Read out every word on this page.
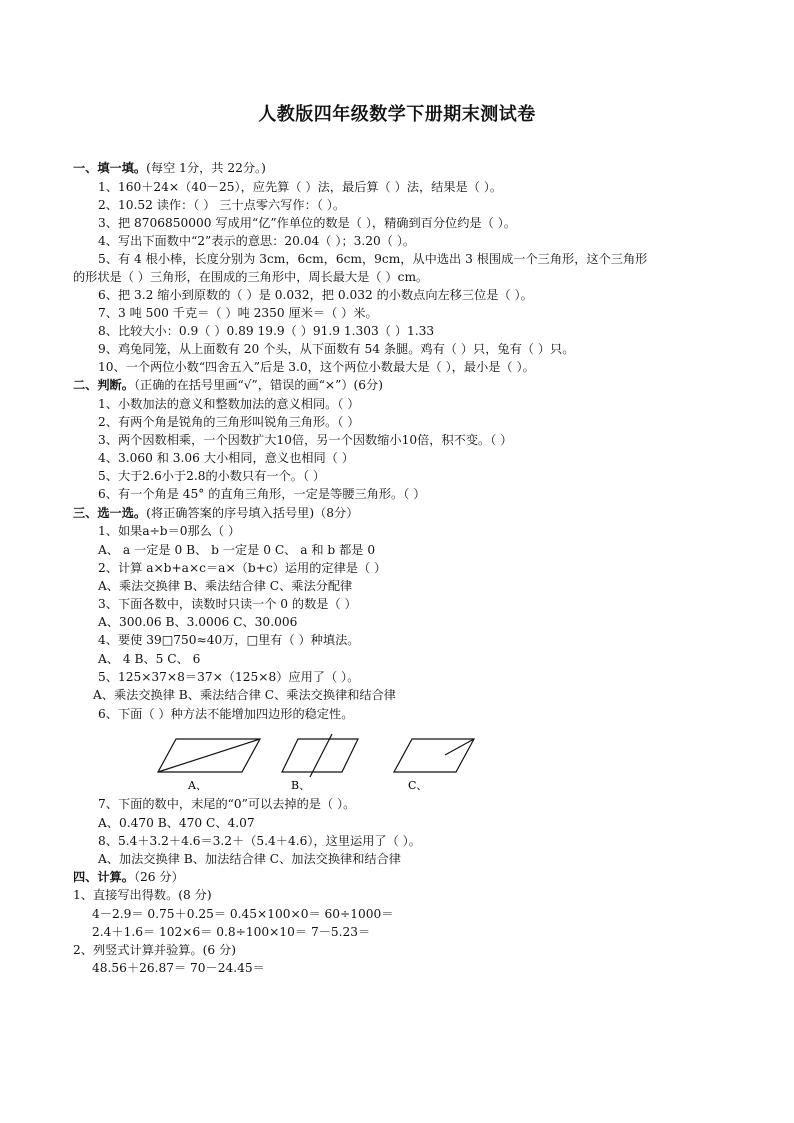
人教版四年级数学下册期末测试卷
一、填一填。(每空 1分，共 22分。)
1、160＋24×（40－25），应先算（ ）法，最后算（ ）法，结果是（ ）。
2、10.52 读作：（ ） 三十点零六写作：（ ）。
3、把 8706850000 写成用“亿”作单位的数是（ ），精确到百分位约是（ ）。
4、写出下面数中“2”表示的意思：20.04（ ）；3.20（ ）。
5、有 4 根小棒，长度分别为 3cm，6cm，6cm，9cm，从中选出 3 根围成一个三角形，这个三角形
的形状是（ ）三角形，在围成的三角形中，周长最大是（ ）cm。
6、把 3.2 缩小到原数的（ ）是 0.032，把 0.032 的小数点向左移三位是（ ）。
7、3 吨 500 千克＝（ ）吨 2350 厘米＝（ ）米。
8、比较大小：0.9（ ）0.89 19.9（ ）91.9 1.303（ ）1.33
9、鸡兔同笼，从上面数有 20 个头，从下面数有 54 条腿。鸡有（ ）只，兔有（ ）只。
10、一个两位小数“四舍五入”后是 3.0，这个两位小数最大是（ ），最小是（ ）。
二、判断。（正确的在括号里画“√”，错误的画“×”）(6分)
1、小数加法的意义和整数加法的意义相同。（ ）
2、有两个角是锐角的三角形叫锐角三角形。（ ）
3、两个因数相乘，一个因数扩大10倍，另一个因数缩小10倍，积不变。（ ）
4、3.060 和 3.06 大小相同，意义也相同（ ）
5、大于2.6小于2.8的小数只有一个。（ ）
6、有一个角是 45° 的直角三角形，一定是等腰三角形。（ ）
三、选一选。(将正确答案的序号填入括号里)（8分）
1、如果a÷b＝0那么（ ）
A、 a 一定是 0 B、 b 一定是 0 C、 a 和 b 都是 0
2、计算 a×b+a×c＝a×（b+c）运用的定律是（ ）
A、乘法交换律 B、乘法结合律 C、乘法分配律
3、下面各数中，读数时只读一个 0 的数是（ ）
A、300.06 B、3.0006 C、30.006
4、要使 39□750≈40万，□里有（ ）种填法。
A、 4 B、5 C、 6
5、125×37×8＝37×（125×8）应用了（ ）。
A、乘法交换律 B、乘法结合律 C、乘法交换律和结合律
6、下面（ ）种方法不能增加四边形的稳定性。
A、	B、	C、
7、下面的数中，末尾的“0”可以去掉的是（ ）。
A、0.470 B、470 C、4.07
8、5.4＋3.2＋4.6＝3.2＋（5.4＋4.6），这里运用了（ ）。
A、加法交换律 B、加法结合律 C、加法交换律和结合律
四、计算。（26 分）
1、直接写出得数。(8 分)
4－2.9＝ 0.75＋0.25＝ 0.45×100×0＝ 60÷1000＝
2.4＋1.6＝ 102×6＝ 0.8÷100×10＝ 7－5.23＝
2、列竖式计算并验算。(6 分)
48.56＋26.87＝ 70－24.45＝
